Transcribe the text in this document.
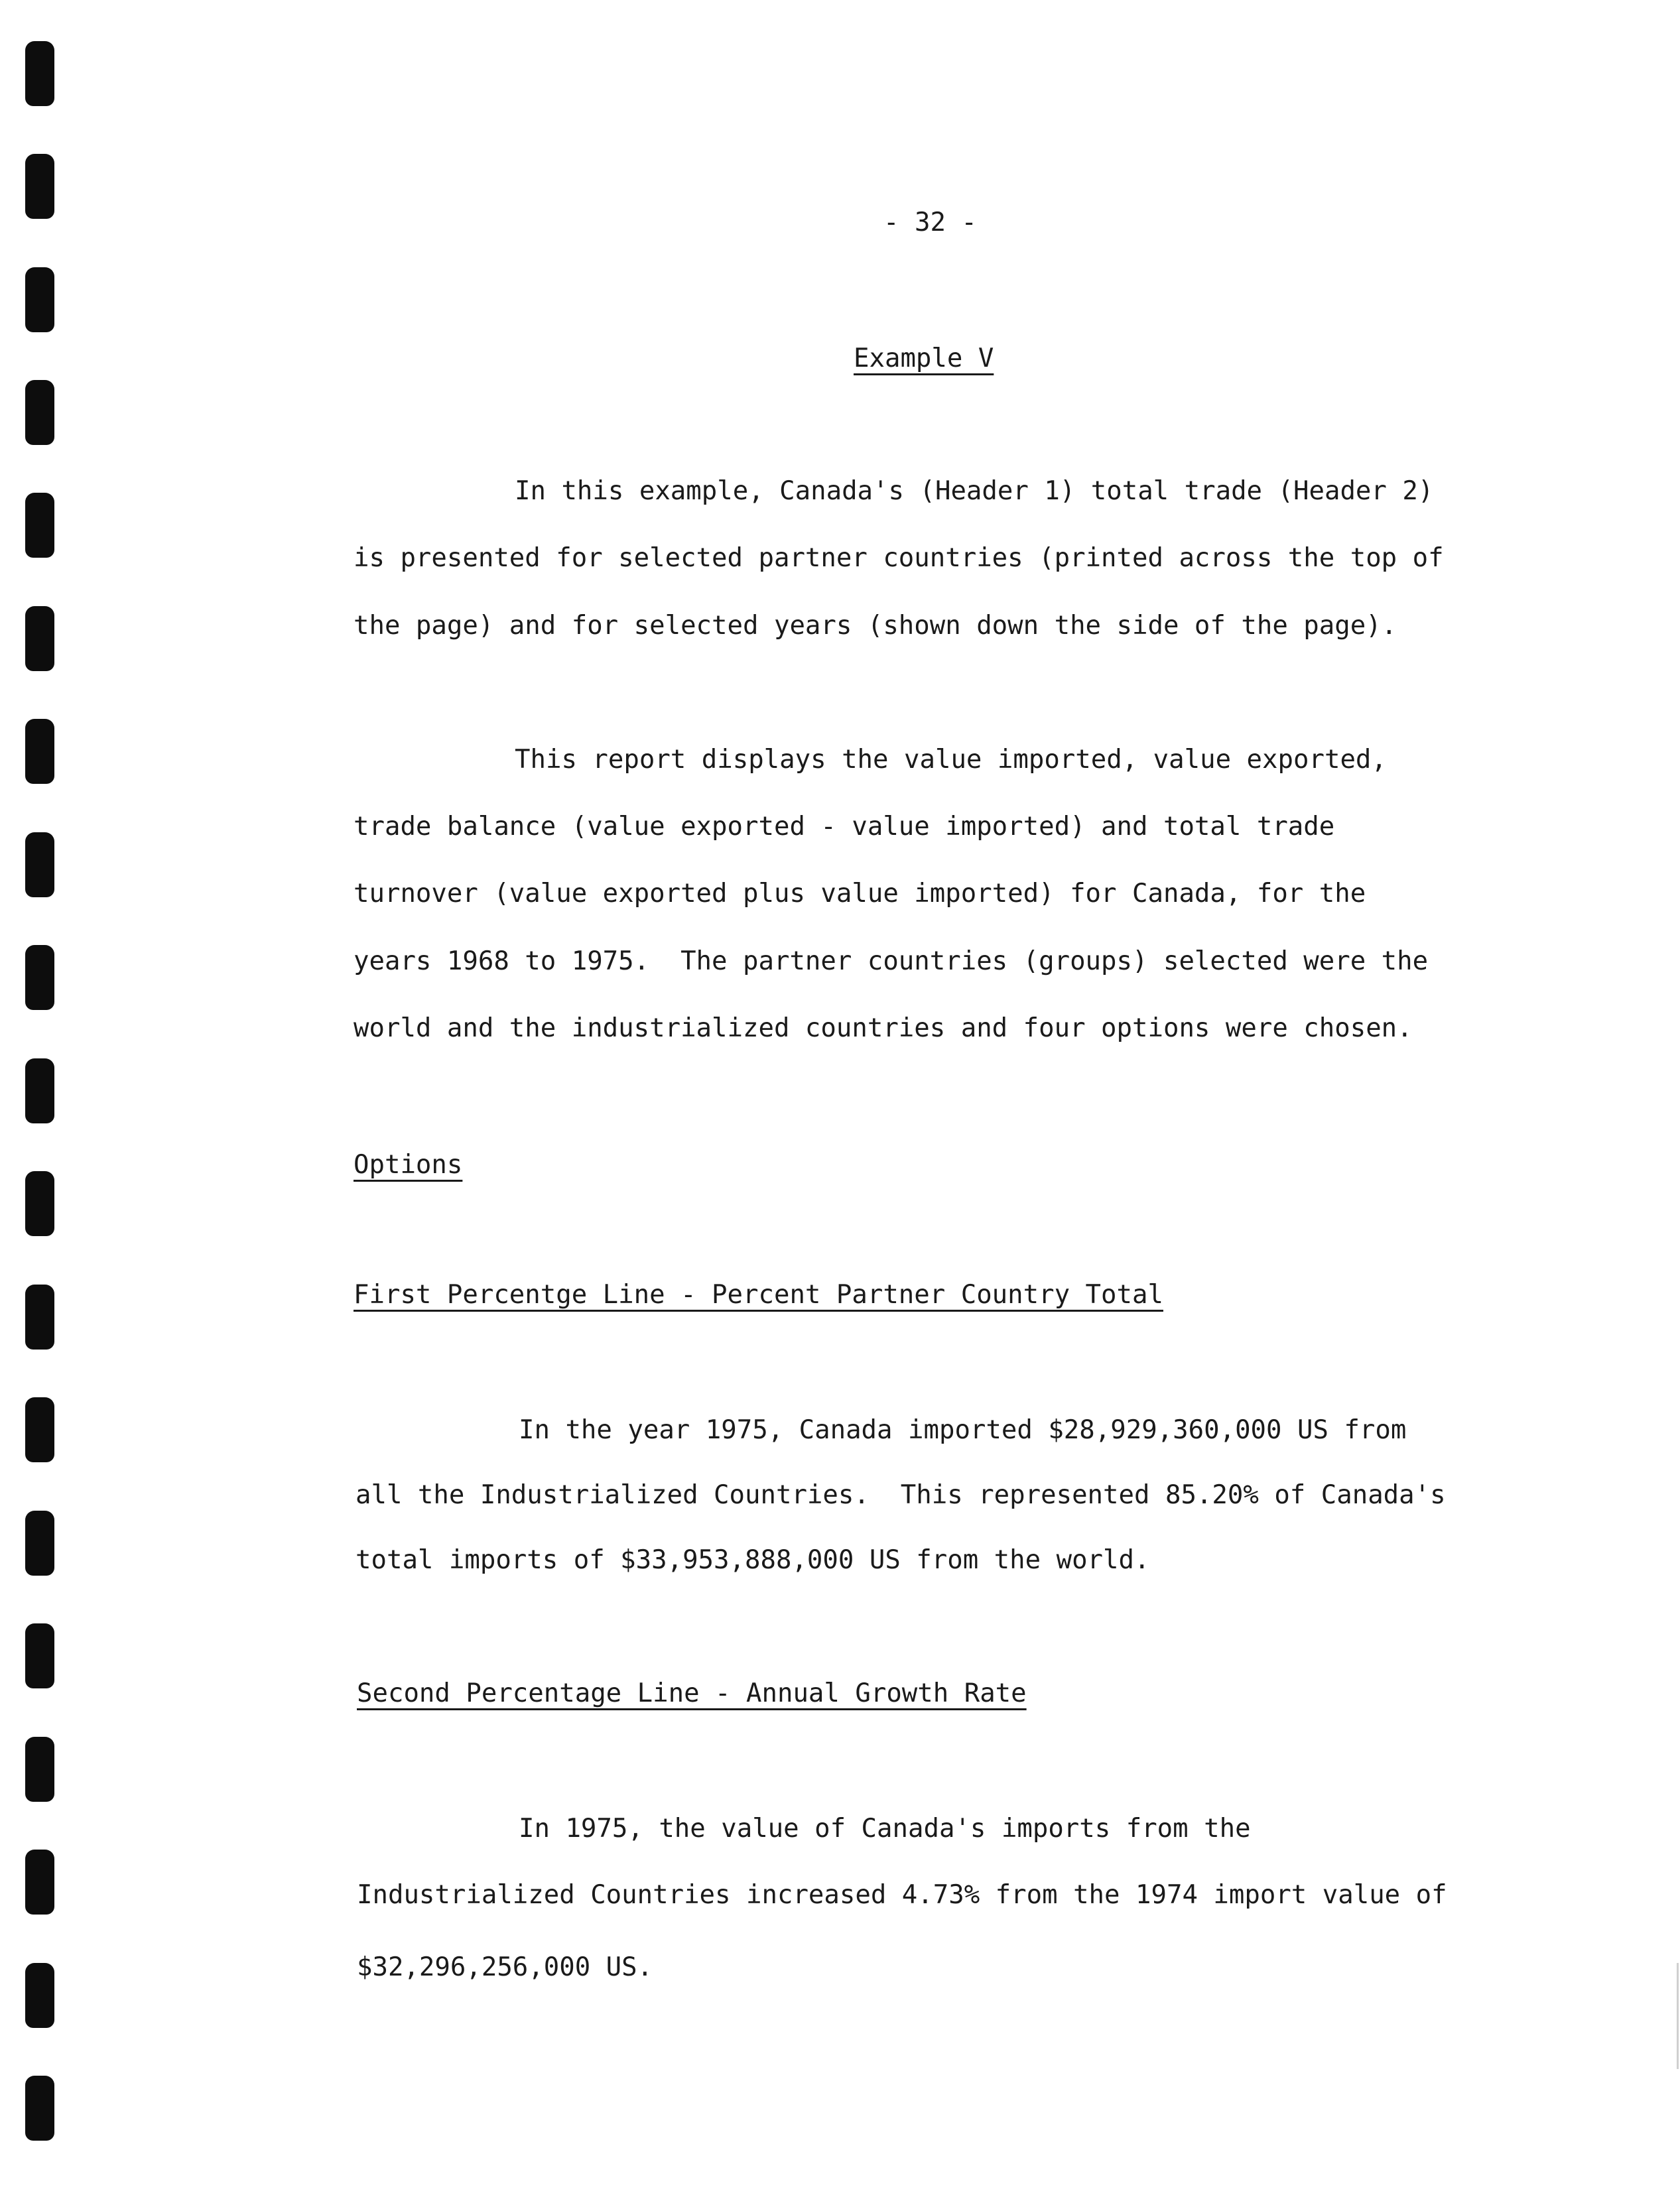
- 32 -

Example V

In this example, Canada's (Header 1) total trade (Header 2)

is presented for selected partner countries (printed across the top of

the page) and for selected years (shown down the side of the page).

This report displays the value imported, value exported,

trade balance (value exported - value imported) and total trade

turnover (value exported plus value imported) for Canada, for the

years 1968 to 1975.  The partner countries (groups) selected were the

world and the industrialized countries and four options were chosen.

Options

First Percentge Line - Percent Partner Country Total

In the year 1975, Canada imported $28,929,360,000 US from

all the Industrialized Countries.  This represented 85.20% of Canada's

total imports of $33,953,888,000 US from the world.

Second Percentage Line - Annual Growth Rate

In 1975, the value of Canada's imports from the

Industrialized Countries increased 4.73% from the 1974 import value of

$32,296,256,000 US.
